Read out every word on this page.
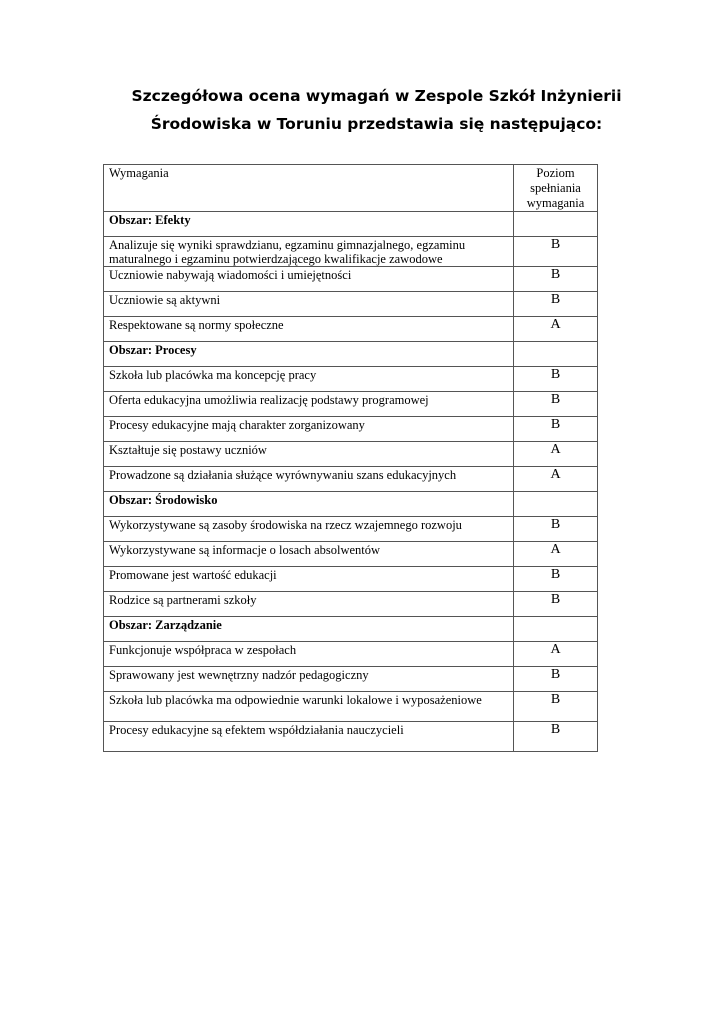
Szczegółowa ocena wymagań w Zespole Szkół Inżynierii
Środowiska w Toruniu przedstawia się następująco:
Wymagania	Poziom spełniania wymagania
Obszar: Efekty	
Analizuje się wyniki sprawdzianu, egzaminu gimnazjalnego, egzaminu maturalnego i egzaminu potwierdzającego kwalifikacje zawodowe	B
Uczniowie nabywają wiadomości i umiejętności	B
Uczniowie są aktywni	B
Respektowane są normy społeczne	A
Obszar: Procesy	
Szkoła lub placówka ma koncepcję pracy	B
Oferta edukacyjna umożliwia realizację podstawy programowej	B
Procesy edukacyjne mają charakter zorganizowany	B
Kształtuje się postawy uczniów	A
Prowadzone są działania służące wyrównywaniu szans edukacyjnych	A
Obszar: Środowisko	
Wykorzystywane są zasoby środowiska na rzecz wzajemnego rozwoju	B
Wykorzystywane są informacje o losach absolwentów	A
Promowane jest wartość edukacji	B
Rodzice są partnerami szkoły	B
Obszar: Zarządzanie	
Funkcjonuje współpraca w zespołach	A
Sprawowany jest wewnętrzny nadzór pedagogiczny	B
Szkoła lub placówka ma odpowiednie warunki lokalowe i wyposażeniowe	B
Procesy edukacyjne są efektem współdziałania nauczycieli	B
